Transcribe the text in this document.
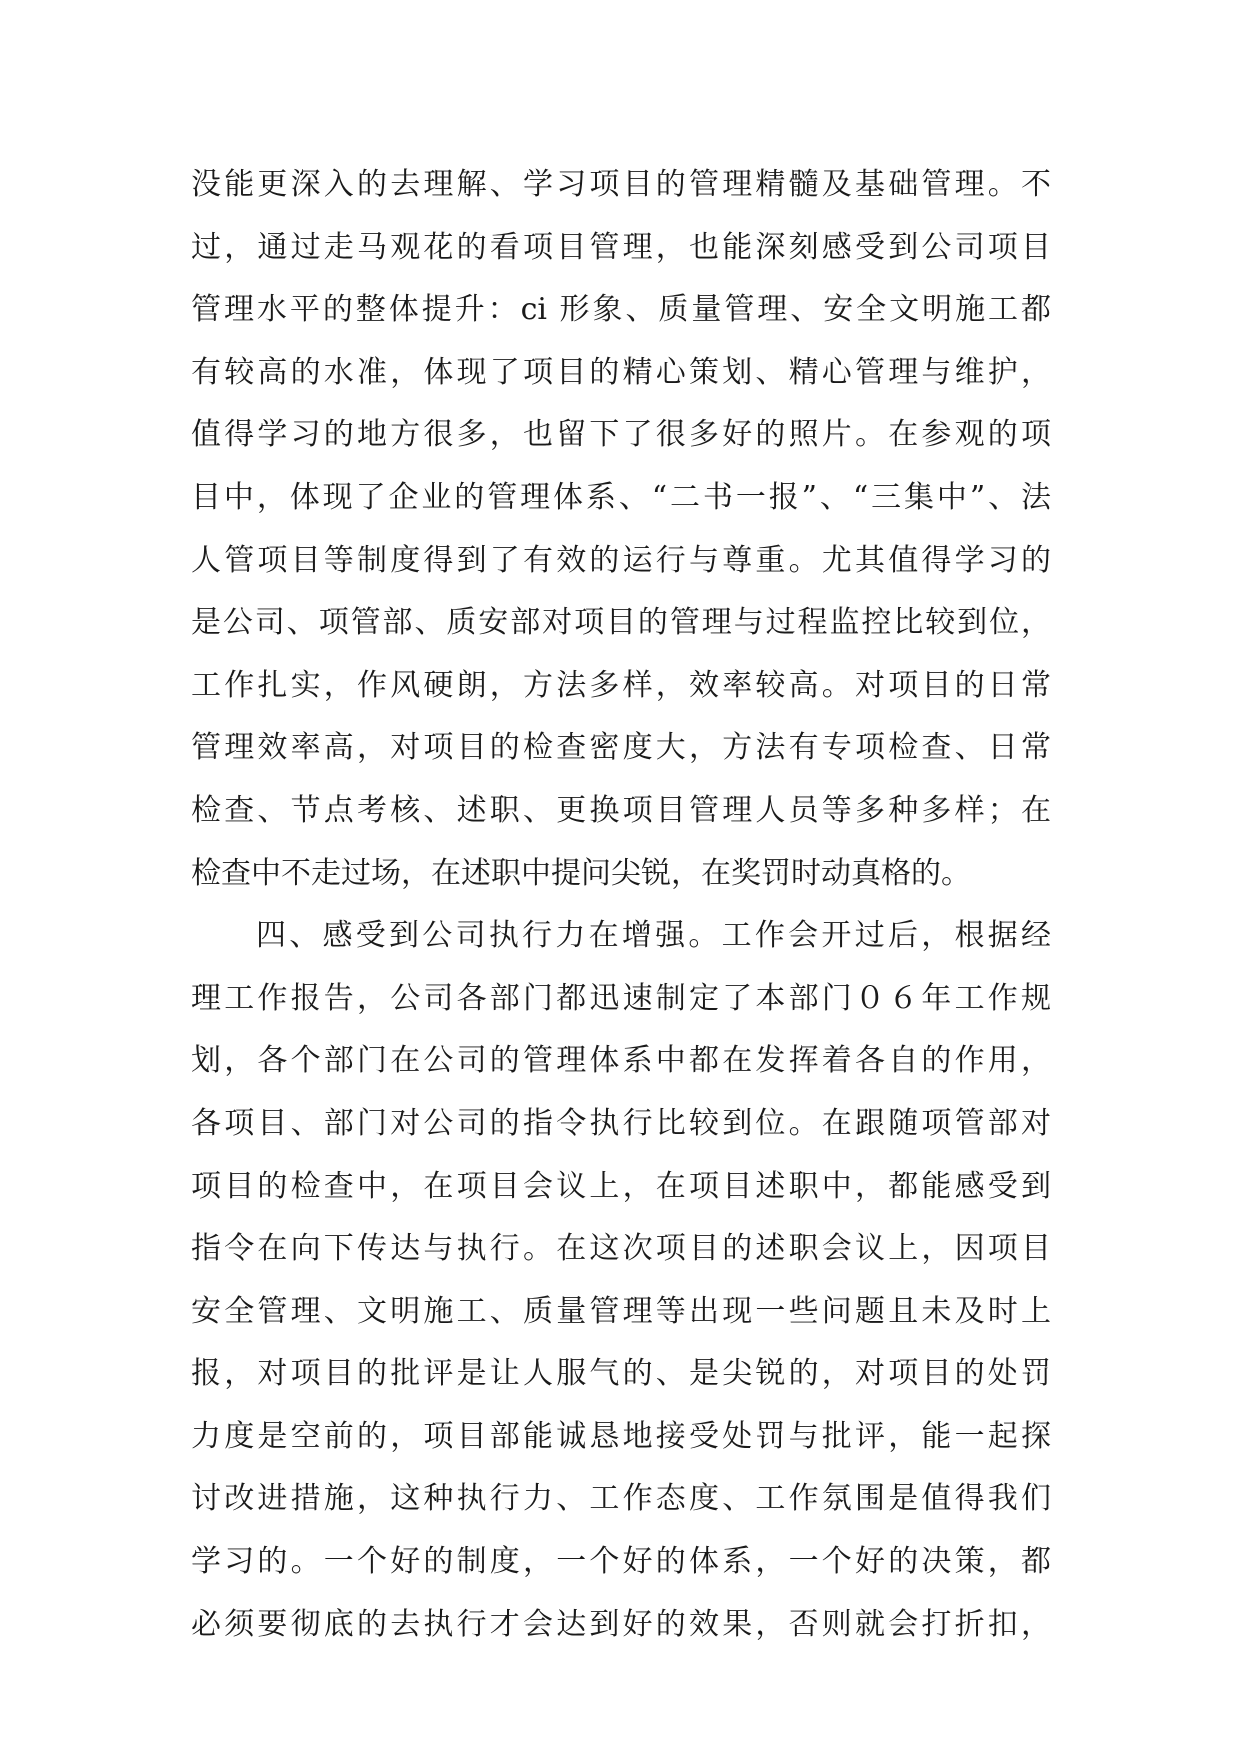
没能更深入的去理解、学习项目的管理精髓及基础管理。不
过，通过走马观花的看项目管理，也能深刻感受到公司项目
管理水平的整体提升：ci 形象、质量管理、安全文明施工都
有较高的水准，体现了项目的精心策划、精心管理与维护，
值得学习的地方很多，也留下了很多好的照片。在参观的项
目中，体现了企业的管理体系、“二书一报”、“三集中”、法
人管项目等制度得到了有效的运行与尊重。尤其值得学习的
是公司、项管部、质安部对项目的管理与过程监控比较到位，
工作扎实，作风硬朗，方法多样，效率较高。对项目的日常
管理效率高，对项目的检查密度大，方法有专项检查、日常
检查、节点考核、述职、更换项目管理人员等多种多样；在
检查中不走过场，在述职中提问尖锐，在奖罚时动真格的。
四、感受到公司执行力在增强。工作会开过后，根据经
理工作报告，公司各部门都迅速制定了本部门０６年工作规
划，各个部门在公司的管理体系中都在发挥着各自的作用，
各项目、部门对公司的指令执行比较到位。在跟随项管部对
项目的检查中，在项目会议上，在项目述职中，都能感受到
指令在向下传达与执行。在这次项目的述职会议上，因项目
安全管理、文明施工、质量管理等出现一些问题且未及时上
报，对项目的批评是让人服气的、是尖锐的，对项目的处罚
力度是空前的，项目部能诚恳地接受处罚与批评，能一起探
讨改进措施，这种执行力、工作态度、工作氛围是值得我们
学习的。一个好的制度，一个好的体系，一个好的决策，都
必须要彻底的去执行才会达到好的效果，否则就会打折扣，
